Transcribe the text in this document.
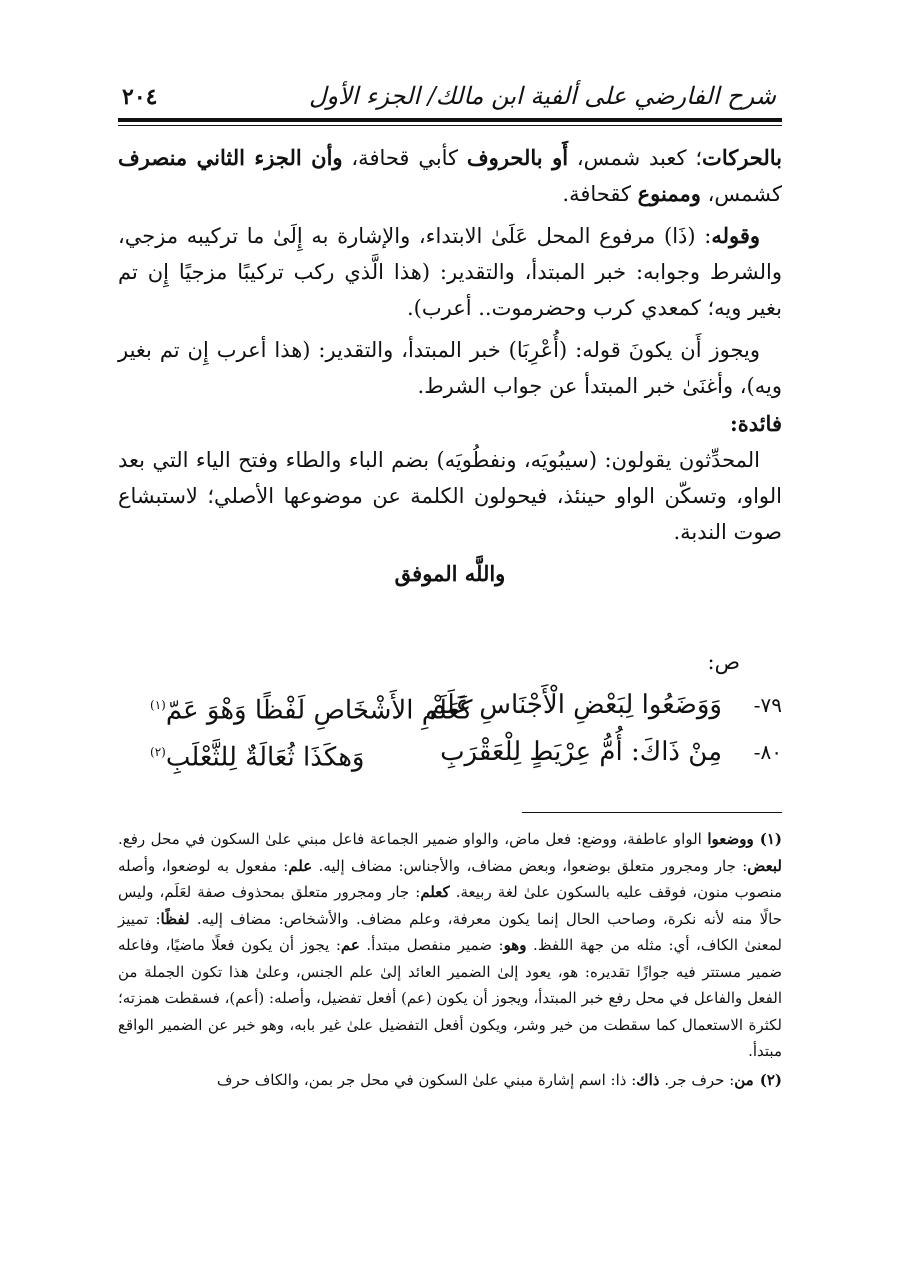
شرح الفارضي على ألفية ابن مالك/ الجزء الأول
٢٠٤

بالحركات؛ كعبد شمس، أَو بالحروف كأبي قحافة، وأن الجزء الثاني منصرف كشمس، وممنوع كقحافة.

وقوله: (ذَا) مرفوع المحل عَلَىٰ الابتداء، والإشارة به إِلَىٰ ما تركيبه مزجي، والشرط وجوابه: خبر المبتدأ، والتقدير: (هذا الَّذي ركب تركيبًا مزجيًا إِن تم بغير ويه؛ كمعدي كرب وحضرموت.. أعرب).

ويجوز أَن يكونَ قوله: (أُعْرِبَا) خبر المبتدأ، والتقدير: (هذا أعرب إِن تم بغير ويه)، وأغنَىٰ خبر المبتدأ عن جواب الشرط.

فائدة:

المحدِّثون يقولون: (سيبُويَه، ونفطُويَه) بضم الباء والطاء وفتح الياء التي بعد الواو، وتسكّن الواو حينئذ، فيحولون الكلمة عن موضوعها الأصلي؛ لاستبشاع صوت الندبة.

واللَّه الموفق
ص:
٧٩-
وَوَضَعُوا لِبَعْضِ الْأَجْنَاسِ عَلَمْ
كَعَلَمِ الأَشْخَاصِ لَفْظًا وَهْوَ عَمّ$^{(١)}$
٨٠-
مِنْ ذَاكَ: أُمُّ عِرْيَطٍ لِلْعَقْرَبِ
وَهكَذَا ثُعَالَةٌ لِلثَّعْلَبِ$^{(٢)}$

(١)ووضعوا الواو عاطفة، ووضع: فعل ماض، والواو ضمير الجماعة فاعل مبني علىٰ السكون في محل رفع. لبعض: جار ومجرور متعلق بوضعوا، وبعض مضاف، والأجناس: مضاف إليه. علم: مفعول به لوضعوا، وأصله منصوب منون، فوقف عليه بالسكون علىٰ لغة ربيعة. كعلم: جار ومجرور متعلق بمحذوف صفة لعَلَم، وليس حالًا منه لأنه نكرة، وصاحب الحال إنما يكون معرفة، وعلم مضاف. والأشخاص: مضاف إليه. لفظًا: تمييز لمعنىٰ الكاف، أي: مثله من جهة اللفظ. وهو: ضمير منفصل مبتدأ. عم: يجوز أن يكون فعلًا ماضيًا، وفاعله ضمير مستتر فيه جوازًا تقديره: هو، يعود إلىٰ الضمير العائد إلىٰ علم الجنس، وعلىٰ هذا تكون الجملة من الفعل والفاعل في محل رفع خبر المبتدأ، ويجوز أن يكون (عم) أفعل تفضيل، وأصله: (أعم)، فسقطت همزته؛ لكثرة الاستعمال كما سقطت من خير وشر، ويكون أفعل التفضيل علىٰ غير بابه، وهو خبر عن الضمير الواقع مبتدأ.

(٢)من: حرف جر. ذاك: ذا: اسم إشارة مبني علىٰ السكون في محل جر بمن، والكاف حرف
